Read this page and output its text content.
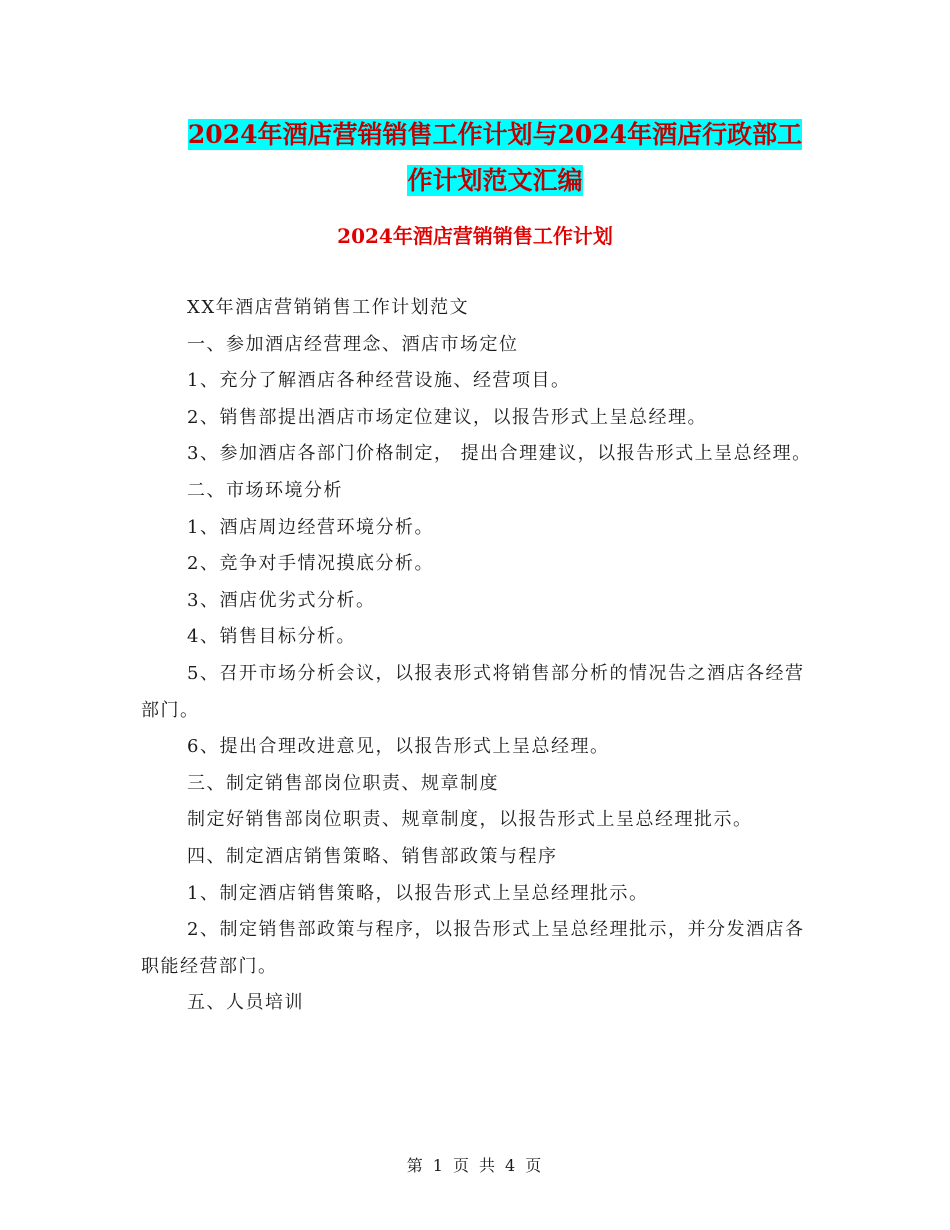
2024年酒店营销销售工作计划与2024年酒店行政部工
作计划范文汇编
2024年酒店营销销售工作计划

XX年酒店营销销售工作计划范文

一、参加酒店经营理念、酒店市场定位

1、充分了解酒店各种经营设施、经营项目。

2、销售部提出酒店市场定位建议，以报告形式上呈总经理。

3、参加酒店各部门价格制定， 提出合理建议，以报告形式上呈总经理。

二、市场环境分析

1、酒店周边经营环境分析。

2、竞争对手情况摸底分析。

3、酒店优劣式分析。

4、销售目标分析。

5、召开市场分析会议，以报表形式将销售部分析的情况告之酒店各经营部门。

6、提出合理改进意见，以报告形式上呈总经理。

三、制定销售部岗位职责、规章制度

制定好销售部岗位职责、规章制度，以报告形式上呈总经理批示。

四、制定酒店销售策略、销售部政策与程序

1、制定酒店销售策略，以报告形式上呈总经理批示。

2、制定销售部政策与程序，以报告形式上呈总经理批示，并分发酒店各职能经营部门。

五、人员培训

第 1 页 共 4 页
